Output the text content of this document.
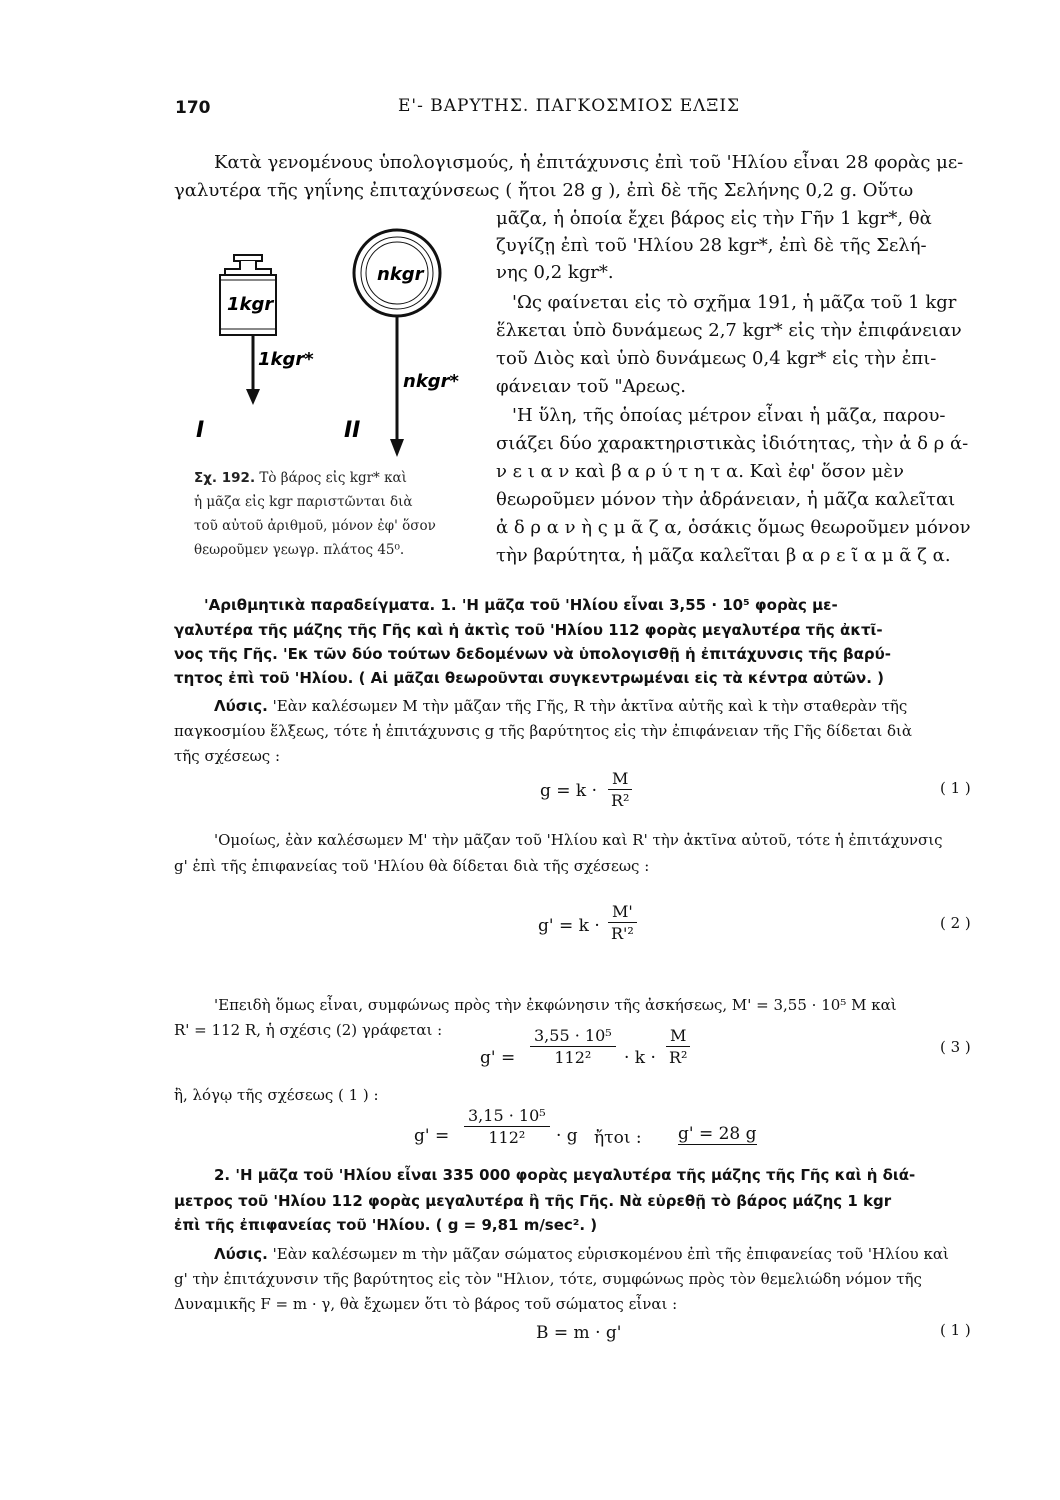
170	Ε'- ΒΑΡΥΤΗΣ. ΠΑΓΚΟΣΜΙΟΣ ΕΛΞΙΣ
Κατὰ γενομένους ὑπολογισμούς, ἡ ἐπιτάχυνσις ἐπὶ τοῦ 'Ηλίου εἶναι 28 φορὰς με-
γαλυτέρα τῆς γηΐνης ἐπιταχύνσεως ( ἤτοι 28 g ), ἐπὶ δὲ τῆς Σελήνης 0,2 g. Οὕτω
μᾶζα, ἡ ὁποία ἔχει βάρος εἰς τὴν Γῆν 1 kgr*, θὰ
ζυγίζῃ ἐπὶ τοῦ 'Ηλίου 28 kgr*, ἐπὶ δὲ τῆς Σελή-
νης 0,2 kgr*.
'Ως φαίνεται εἰς τὸ σχῆμα 191, ἡ μᾶζα τοῦ 1 kgr
ἕλκεται ὑπὸ δυνάμεως 2,7 kgr* εἰς τὴν ἐπιφάνειαν
τοῦ Διὸς καὶ ὑπὸ δυνάμεως 0,4 kgr* εἰς τὴν ἐπι-
φάνειαν τοῦ "Αρεως.
'Η ὕλη, τῆς ὁποίας μέτρον εἶναι ἡ μᾶζα, παρου-
σιάζει δύο χαρακτηριστικὰς ἰδιότητας, τὴν ἀ δ ρ ά-
ν ε ι α ν καὶ β α ρ ύ τ η τ α. Καὶ ἐφ' ὅσον μὲν
θεωροῦμεν μόνον τὴν ἀδράνειαν, ἡ μᾶζα καλεῖται
ἀ δ ρ α ν ὴ ς μ ᾶ ζ α, ὁσάκις ὅμως θεωροῦμεν μόνον
τὴν βαρύτητα, ἡ μᾶζα καλεῖται β α ρ ε ῖ α μ ᾶ ζ α.
1kgr
1kgr*
I
nkgr
nkgr*
II
Σχ. 192. Τὸ βάρος εἰς kgr* καὶ
ἡ μᾶζα εἰς kgr παριστῶνται διὰ
τοῦ αὐτοῦ ἀριθμοῦ, μόνον ἐφ' ὅσον
θεωροῦμεν γεωγρ. πλάτος 45⁰.
'Αριθμητικὰ παραδείγματα. 1. 'Η μᾶζα τοῦ 'Ηλίου εἶναι 3,55 · 10⁵ φορὰς με-
γαλυτέρα τῆς μάζης τῆς Γῆς καὶ ἡ ἀκτὶς τοῦ 'Ηλίου 112 φορὰς μεγαλυτέρα τῆς ἀκτῖ-
νος τῆς Γῆς. 'Εκ τῶν δύο τούτων δεδομένων νὰ ὑπολογισθῇ ἡ ἐπιτάχυνσις τῆς βαρύ-
τητος ἐπὶ τοῦ 'Ηλίου. ( Αἱ μᾶζαι θεωροῦνται συγκεντρωμέναι εἰς τὰ κέντρα αὐτῶν. )
Λύσις. 'Εὰν καλέσωμεν Μ τὴν μᾶζαν τῆς Γῆς, R τὴν ἀκτῖνα αὐτῆς καὶ k τὴν σταθερὰν τῆς
παγκοσμίου ἕλξεως, τότε ἡ ἐπιτάχυνσις g τῆς βαρύτητος εἰς τὴν ἐπιφάνειαν τῆς Γῆς δίδεται διὰ
τῆς σχέσεως :
$g = k \cdot \frac{M}{\text{R²}}$	( 1 )
'Ομοίως, ἐὰν καλέσωμεν Μ' τὴν μᾶζαν τοῦ 'Ηλίου καὶ R' τὴν ἀκτῖνα αὐτοῦ, τότε ἡ ἐπιτάχυνσις
g' ἐπὶ τῆς ἐπιφανείας τοῦ 'Ηλίου θὰ δίδεται διὰ τῆς σχέσεως :
$g' = k \cdot \frac{M'}{\text{R'²}}$	( 2 )
'Επειδὴ ὅμως εἶναι, συμφώνως πρὸς τὴν ἐκφώνησιν τῆς ἀσκήσεως, Μ' = 3,55 · 10⁵ Μ καὶ
R' = 112 R, ἡ σχέσις (2) γράφεται :
$g' = \frac{\text{3,55 · 10⁵}}{\text{112²}} \cdot k \cdot \frac{M}{\text{R²}}$	( 3 )
ἢ, λόγῳ τῆς σχέσεως ( 1 ) :
$g' = \frac{\text{3,15 · 10⁵}}{\text{112²}} \cdot g$ ἤτοι : g' = 28 g
2. 'Η μᾶζα τοῦ 'Ηλίου εἶναι 335 000 φορὰς μεγαλυτέρα τῆς μάζης τῆς Γῆς καὶ ἡ διά-
μετρος τοῦ 'Ηλίου 112 φορὰς μεγαλυτέρα ἢ τῆς Γῆς. Νὰ εὑρεθῇ τὸ βάρος μάζης 1 kgr
ἐπὶ τῆς ἐπιφανείας τοῦ 'Ηλίου. ( g = 9,81 m/sec². )
Λύσις. 'Εὰν καλέσωμεν m τὴν μᾶζαν σώματος εὑρισκομένου ἐπὶ τῆς ἐπιφανείας τοῦ 'Ηλίου καὶ
g' τὴν ἐπιτάχυνσιν τῆς βαρύτητος εἰς τὸν "Ηλιον, τότε, συμφώνως πρὸς τὸν θεμελιώδη νόμον τῆς
Δυναμικῆς F = m · γ, θὰ ἔχωμεν ὅτι τὸ βάρος τοῦ σώματος εἶναι :
B = m · g'	( 1 )
